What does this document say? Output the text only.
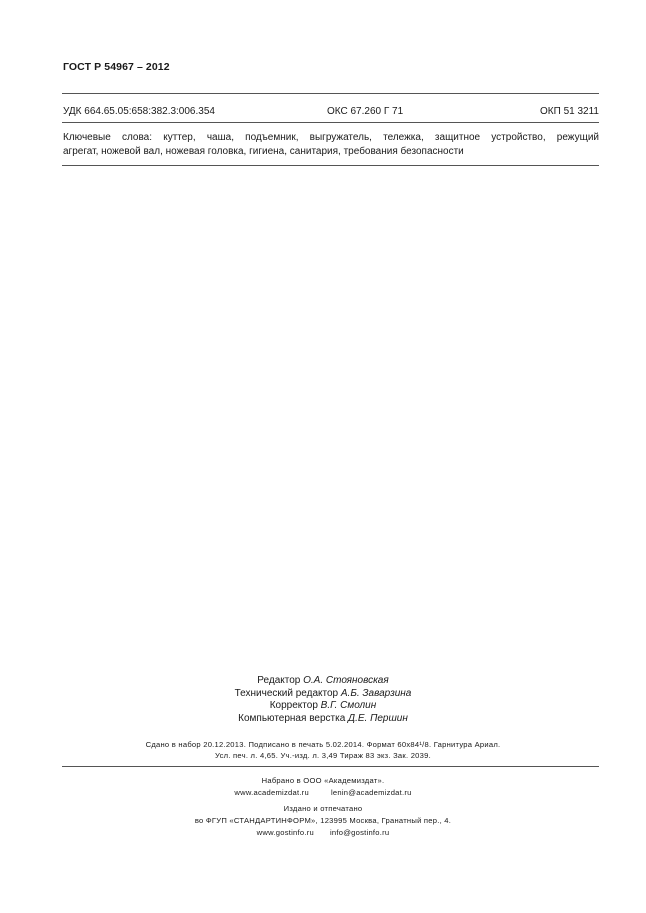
ГОСТ Р 54967 – 2012
УДК 664.65.05:658:382.3:006.354	ОКС 67.260 Г 71	ОКП 51 3211
Ключевые слова: куттер, чаша, подъемник, выгружатель, тележка, защитное устройство, режущий
агрегат, ножевой вал, ножевая головка, гигиена, санитария, требования безопасности
Редактор О.А. Стояновская
Технический редактор А.Б. Заварзина
Корректор В.Г. Смолин
Компьютерная верстка Д.Е. Першин
Сдано в набор 20.12.2013. Подписано в печать 5.02.2014. Формат 60х84¹/8. Гарнитура Ариал.
Усл. печ. л. 4,65. Уч.-изд. л. 3,49 Тираж 83 экз. Зак. 2039.
Набрано в ООО «Академиздат».
www.academizdat.ru	lenin@academizdat.ru
Издано и отпечатано
во ФГУП «СТАНДАРТИНФОРМ», 123995 Москва, Гранатный пер., 4.
www.gostinfo.ru info@gostinfo.ru
